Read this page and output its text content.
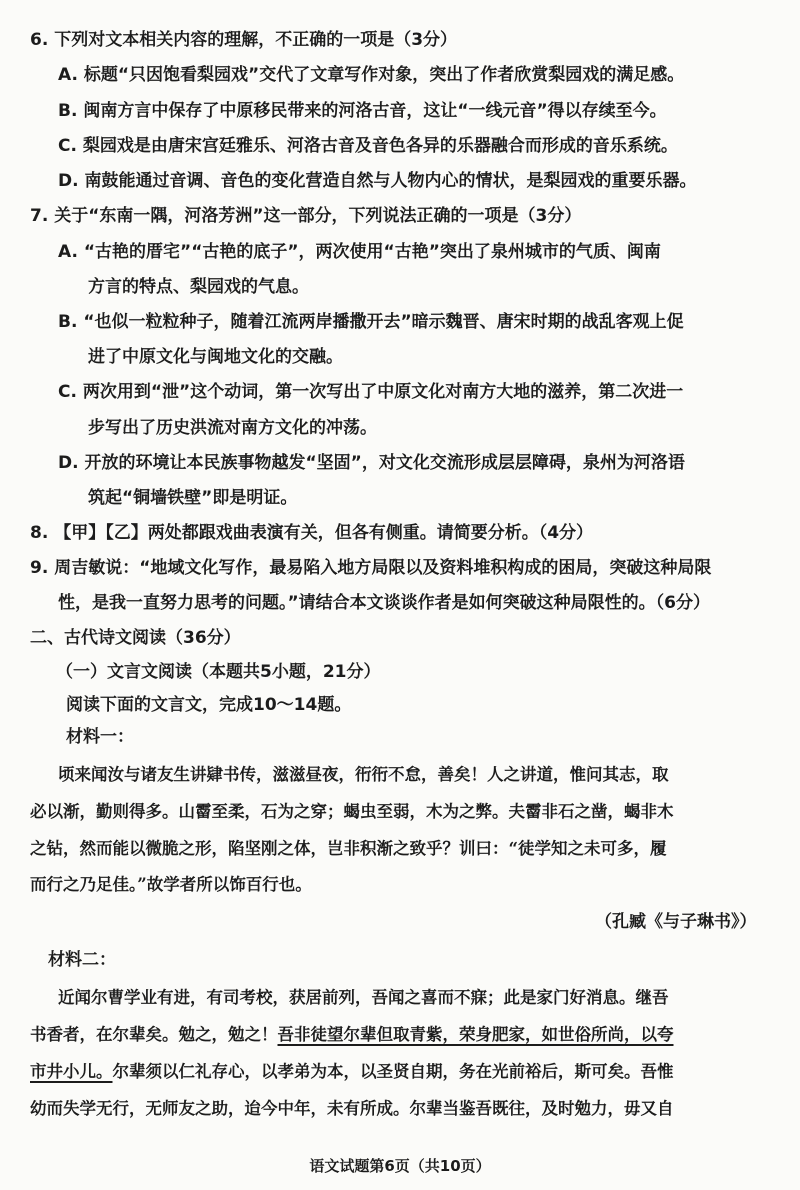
6. 下列对文本相关内容的理解，不正确的一项是（3分）
A. 标题“只因饱看梨园戏”交代了文章写作对象，突出了作者欣赏梨园戏的满足感。
B. 闽南方言中保存了中原移民带来的河洛古音，这让“一线元音”得以存续至今。
C. 梨园戏是由唐宋宫廷雅乐、河洛古音及音色各异的乐器融合而形成的音乐系统。
D. 南鼓能通过音调、音色的变化营造自然与人物内心的情状，是梨园戏的重要乐器。
7. 关于“东南一隅，河洛芳洲”这一部分，下列说法正确的一项是（3分）
A. “古艳的厝宅”“古艳的底子”，两次使用“古艳”突出了泉州城市的气质、闽南
方言的特点、梨园戏的气息。
B. “也似一粒粒种子，随着江流两岸播撒开去”暗示魏晋、唐宋时期的战乱客观上促
进了中原文化与闽地文化的交融。
C. 两次用到“泄”这个动词，第一次写出了中原文化对南方大地的滋养，第二次进一
步写出了历史洪流对南方文化的冲荡。
D. 开放的环境让本民族事物越发“坚固”，对文化交流形成层层障碍，泉州为河洛语
筑起“铜墙铁壁”即是明证。
8. 【甲】【乙】两处都跟戏曲表演有关，但各有侧重。请简要分析。（4分）
9. 周吉敏说：“地域文化写作，最易陷入地方局限以及资料堆积构成的困局，突破这种局限
性，是我一直努力思考的问题。”请结合本文谈谈作者是如何突破这种局限性的。（6分）
二、古代诗文阅读（36分）
（一）文言文阅读（本题共5小题，21分）
阅读下面的文言文，完成10～14题。
材料一：
顷来闻汝与诸友生讲肄书传，滋滋昼夜，衎衎不怠，善矣！人之讲道，惟问其志，取
必以渐，勤则得多。山霤至柔，石为之穿；蝎虫至弱，木为之弊。夫霤非石之凿，蝎非木
之钻，然而能以微脆之形，陷坚刚之体，岂非积渐之致乎？训曰：“徒学知之未可多，履
而行之乃足佳。”故学者所以饰百行也。
（孔臧《与子琳书》）
材料二：
近闻尔曹学业有进，有司考校，获居前列，吾闻之喜而不寐；此是家门好消息。继吾
书香者，在尔辈矣。勉之，勉之！吾非徒望尔辈但取青紫，荣身肥家，如世俗所尚，以夸
市井小儿。尔辈须以仁礼存心，以孝弟为本，以圣贤自期，务在光前裕后，斯可矣。吾惟
幼而失学无行，无师友之助，迨今中年，未有所成。尔辈当鉴吾既往，及时勉力，毋又自
语文试题第6页（共10页）
